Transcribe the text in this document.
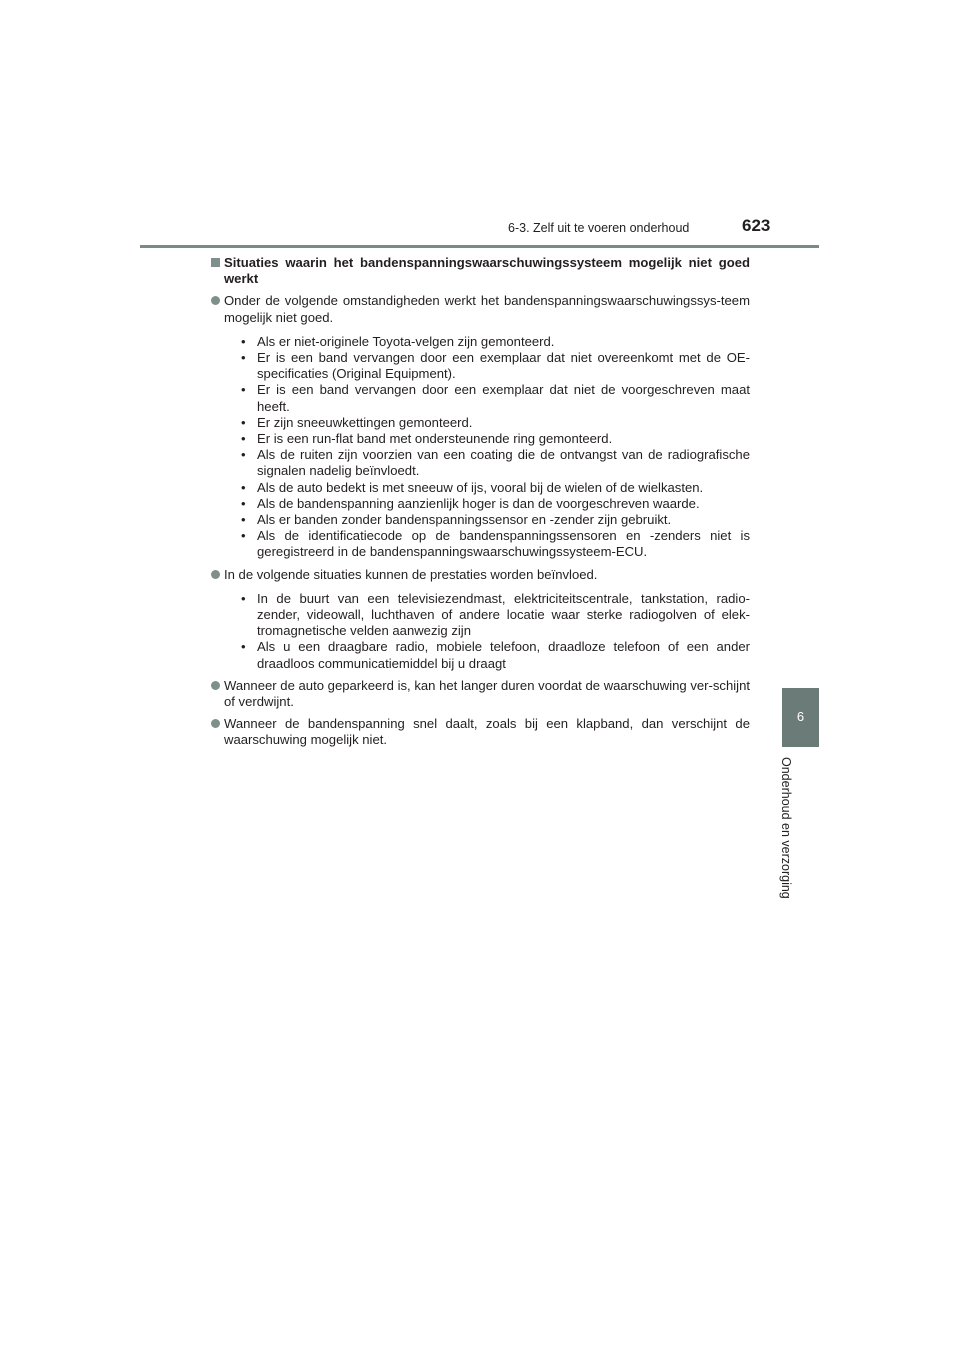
6-3. Zelf uit te voeren onderhoud	623
6
Onderhoud en verzorging
Situaties waarin het bandenspanningswaarschuwingssysteem mogelijk niet goed werkt
Onder de volgende omstandigheden werkt het bandenspanningswaarschuwingssys-teem mogelijk niet goed.
• Als er niet-originele Toyota-velgen zijn gemonteerd.
• Er is een band vervangen door een exemplaar dat niet overeenkomt met de OE-specificaties (Original Equipment).
• Er is een band vervangen door een exemplaar dat niet de voorgeschreven maat heeft.
• Er zijn sneeuwkettingen gemonteerd.
• Er is een run-flat band met ondersteunende ring gemonteerd.
• Als de ruiten zijn voorzien van een coating die de ontvangst van de radiografische signalen nadelig beïnvloedt.
• Als de auto bedekt is met sneeuw of ijs, vooral bij de wielen of de wielkasten.
• Als de bandenspanning aanzienlijk hoger is dan de voorgeschreven waarde.
• Als er banden zonder bandenspanningssensor en -zender zijn gebruikt.
• Als de identificatiecode op de bandenspanningssensoren en -zenders niet is geregistreerd in de bandenspanningswaarschuwingssysteem-ECU.
In de volgende situaties kunnen de prestaties worden beïnvloed.
• In de buurt van een televisiezendmast, elektriciteitscentrale, tankstation, radio-zender, videowall, luchthaven of andere locatie waar sterke radiogolven of elek-tromagnetische velden aanwezig zijn
• Als u een draagbare radio, mobiele telefoon, draadloze telefoon of een ander draadloos communicatiemiddel bij u draagt
Wanneer de auto geparkeerd is, kan het langer duren voordat de waarschuwing ver-schijnt of verdwijnt.
Wanneer de bandenspanning snel daalt, zoals bij een klapband, dan verschijnt de waarschuwing mogelijk niet.
